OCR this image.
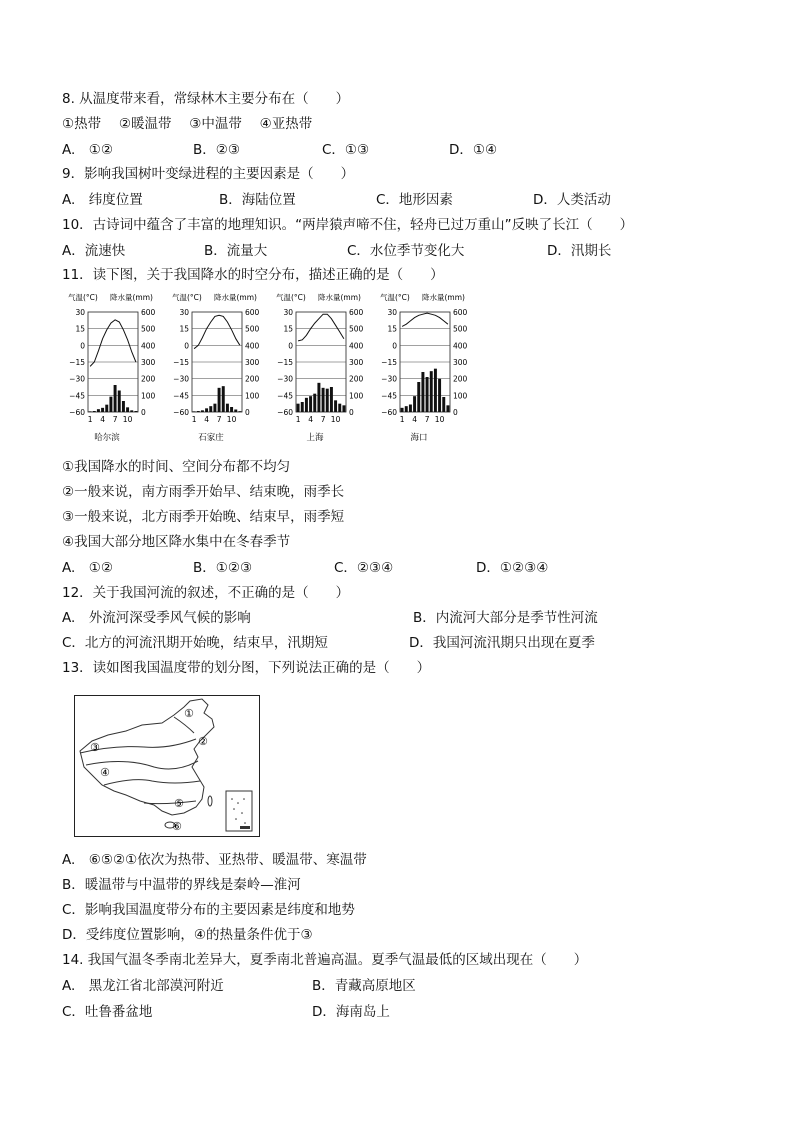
8. 从温度带来看，常绿林木主要分布在（　　）
①热带　 ②暖温带　 ③中温带　 ④亚热带
A.　①②	B．②③	C．①③	D．①④
9．影响我国树叶变绿进程的主要因素是（　　）
A.　纬度位置	B．海陆位置	C．地形因素	D．人类活动
10．古诗词中蕴含了丰富的地理知识。“两岸猿声啼不住，轻舟已过万重山”反映了长江（　　）
A．流速快	B．流量大	C．水位季节变化大	D．汛期长
11．读下图，关于我国降水的时空分布，描述正确的是（　　）
气温(°C) 降水量(mm)
30	600
15	500
0	400
−15	300
−30	200
−45	100
−60	0
1 4 7 10
哈尔滨
气温(°C) 降水量(mm)
30	600
15	500
0	400
−15	300
−30	200
−45	100
−60	0
1 4 7 10
石家庄
气温(°C) 降水量(mm)
30	600
15	500
0	400
−15	300
−30	200
−45	100
−60	0
1 4 7 10
上海
气温(°C) 降水量(mm)
30	600
15	500
0	400
−15	300
−30	200
−45	100
−60	0
1 4 7 10
海口
①我国降水的时间、空间分布都不均匀
②一般来说，南方雨季开始早、结束晚，雨季长
③一般来说，北方雨季开始晚、结束早，雨季短
④我国大部分地区降水集中在冬春季节
A.　①②	B．①②③	C．②③④	D．①②③④
12．关于我国河流的叙述，不正确的是（　　）
A.　外流河深受季风气候的影响	B．内流河大部分是季节性河流
C．北方的河流汛期开始晚，结束早，汛期短	D．我国河流汛期只出现在夏季
13．读如图我国温度带的划分图，下列说法正确的是（　　）
①
②
③
④
⑤
⑥
A.　⑥⑤②①依次为热带、亚热带、暖温带、寒温带
B．暖温带与中温带的界线是秦岭—淮河
C．影响我国温度带分布的主要因素是纬度和地势
D．受纬度位置影响，④的热量条件优于③
14. 我国气温冬季南北差异大，夏季南北普遍高温。夏季气温最低的区域出现在（　　）
A.　黑龙江省北部漠河附近	B．青藏高原地区
C．吐鲁番盆地	D．海南岛上
